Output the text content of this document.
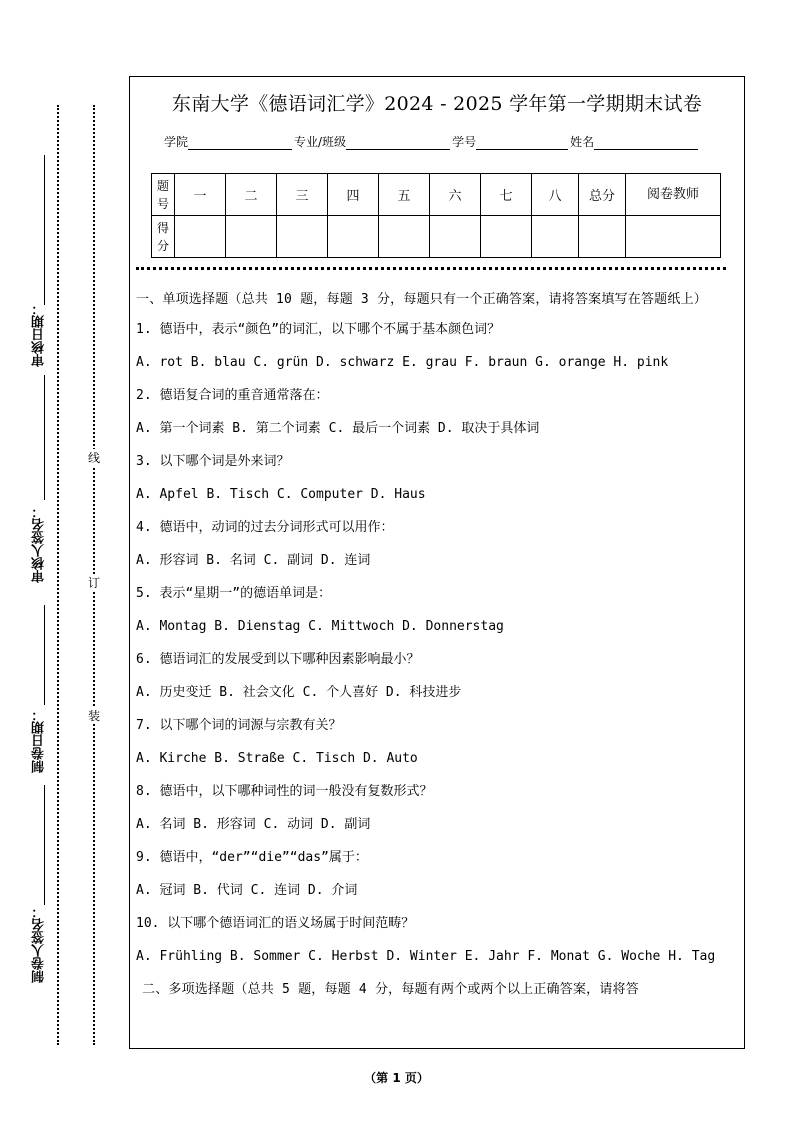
审核日期：
审核人签名：
制卷日期：
制卷人签名：
线
订
装
东南大学《德语词汇学》2024 - 2025 学年第一学期期末试卷
学院	专业/班级	学号	姓名
题号	一	二	三	四	五	六	七	八	总分	阅卷教师
得分										

一、单项选择题（总共 10 题，每题 3 分，每题只有一个正确答案，请将答案填写在答题纸上）

1. 德语中，表示“颜色”的词汇，以下哪个不属于基本颜色词？

A. rot B. blau C. grün D. schwarz E. grau F. braun G. orange H. pink

2. 德语复合词的重音通常落在：

A. 第一个词素 B. 第二个词素 C. 最后一个词素 D. 取决于具体词

3. 以下哪个词是外来词？

A. Apfel B. Tisch C. Computer D. Haus

4. 德语中，动词的过去分词形式可以用作：

A. 形容词 B. 名词 C. 副词 D. 连词

5. 表示“星期一”的德语单词是：

A. Montag B. Dienstag C. Mittwoch D. Donnerstag

6. 德语词汇的发展受到以下哪种因素影响最小？

A. 历史变迁 B. 社会文化 C. 个人喜好 D. 科技进步

7. 以下哪个词的词源与宗教有关？

A. Kirche B. Straße C. Tisch D. Auto

8. 德语中，以下哪种词性的词一般没有复数形式？

A. 名词 B. 形容词 C. 动词 D. 副词

9. 德语中，“der”“die”“das”属于：

A. 冠词 B. 代词 C. 连词 D. 介词

10. 以下哪个德语词汇的语义场属于时间范畴？

A. Frühling B. Sommer C. Herbst D. Winter E. Jahr F. Monat G. Woche H. Tag

二、多项选择题（总共 5 题，每题 4 分，每题有两个或两个以上正确答案，请将答

（第 1 页）
